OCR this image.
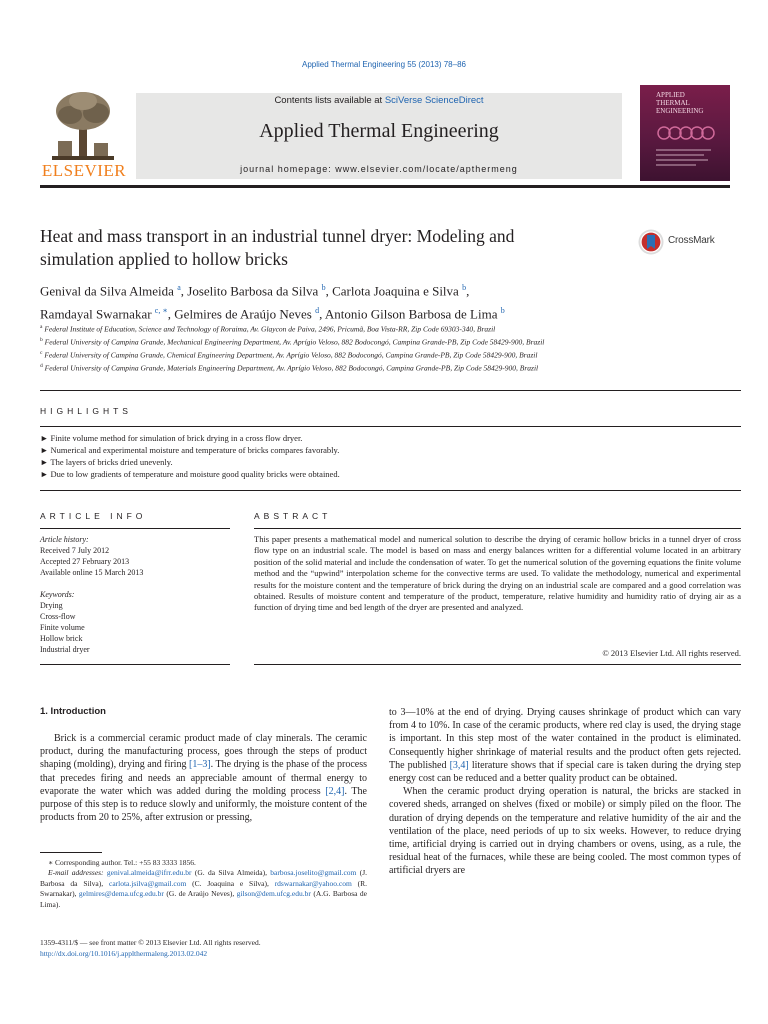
Applied Thermal Engineering 55 (2013) 78–86
ELSEVIER
Contents lists available at SciVerse ScienceDirect
Applied Thermal Engineering
journal homepage: www.elsevier.com/locate/apthermeng
APPLIED
THERMAL
ENGINEERING
Heat and mass transport in an industrial tunnel dryer: Modeling and
simulation applied to hollow bricks
CrossMark
Genival da Silva Almeida $^a$, Joselito Barbosa da Silva $^b$, Carlota Joaquina e Silva $^b$,
Ramdayal Swarnakar $^{c, ∗}$, Gelmires de Araújo Neves $^d$, Antonio Gilson Barbosa de Lima $^b$
$^a$ Federal Institute of Education, Science and Technology of Roraima, Av. Glaycon de Paiva, 2496, Pricumã, Boa Vista-RR, Zip Code 69303-340, Brazil
$^b$ Federal University of Campina Grande, Mechanical Engineering Department, Av. Aprígio Veloso, 882 Bodocongó, Campina Grande-PB, Zip Code 58429-900, Brazil
$^c$ Federal University of Campina Grande, Chemical Engineering Department, Av. Aprígio Veloso, 882 Bodocongó, Campina Grande-PB, Zip Code 58429-900, Brazil
$^d$ Federal University of Campina Grande, Materials Engineering Department, Av. Aprígio Veloso, 882 Bodocongó, Campina Grande-PB, Zip Code 58429-900, Brazil
HIGHLIGHTS
► Finite volume method for simulation of brick drying in a cross flow dryer.
► Numerical and experimental moisture and temperature of bricks compares favorably.
► The layers of bricks dried unevenly.
► Due to low gradients of temperature and moisture good quality bricks were obtained.
ARTICLE INFO
Article history:
Received 7 July 2012
Accepted 27 February 2013
Available online 15 March 2013
Keywords:
Drying
Cross-flow
Finite volume
Hollow brick
Industrial dryer
ABSTRACT
This paper presents a mathematical model and numerical solution to describe the drying of ceramic hollow bricks in a tunnel dryer of cross flow type on an industrial scale. The model is based on mass and energy balances written for a differential volume located in an arbitrary position of the solid material and include the condensation of water. To get the numerical solution of the governing equations the finite volume method and the “upwind” interpolation scheme for the convective terms are used. To validate the methodology, numerical and experimental results for the moisture content and the temperature of brick during the drying on an industrial scale are compared and a good correlation was obtained. Results of moisture content and temperature of the product, temperature, relative humidity and humidity ratio of drying air as a function of drying time and bed length of the dryer are presented and analyzed.
© 2013 Elsevier Ltd. All rights reserved.
1. Introduction

Brick is a commercial ceramic product made of clay minerals. The ceramic product, during the manufacturing process, goes through the steps of product shaping (molding), drying and firing [1–3]. The drying is the phase of the process that precedes firing and needs an appreciable amount of thermal energy to evaporate the water which was added during the molding process [2,4]. The purpose of this step is to reduce slowly and uniformly, the moisture content of the products from 20 to 25%, after extrusion or pressing,

to 3—10% at the end of drying. Drying causes shrinkage of product which can vary from 4 to 10%. In case of the ceramic products, where red clay is used, the drying stage is important. In this step most of the water contained in the product is eliminated. Consequently higher shrinkage of material results and the product often gets rejected. The published [3,4] literature shows that if special care is taken during the drying step energy cost can be reduced and a better quality product can be obtained.

When the ceramic product drying operation is natural, the bricks are stacked in covered sheds, arranged on shelves (fixed or mobile) or simply piled on the floor. The duration of drying depends on the temperature and relative humidity of the air and the ventilation of the place, need periods of up to six weeks. However, to reduce drying time, artificial drying is carried out in drying chambers or ovens, using, as a rule, the residual heat of the furnaces, while these are being cooled. The most common types of artificial dryers are

∗ Corresponding author. Tel.: +55 83 3333 1856.
E-mail addresses: genival.almeida@ifrr.edu.br (G. da Silva Almeida), barbosa.joselito@gmail.com (J. Barbosa da Silva), carlota.jsilva@gmail.com (C. Joaquina e Silva), rdswarnakar@yahoo.com (R. Swarnakar), gelmires@dema.ufcg.edu.br (G. de Araújo Neves), gilson@dem.ufcg.edu.br (A.G. Barbosa de Lima).
1359-4311/$ — see front matter © 2013 Elsevier Ltd. All rights reserved.
http://dx.doi.org/10.1016/j.applthermaleng.2013.02.042
